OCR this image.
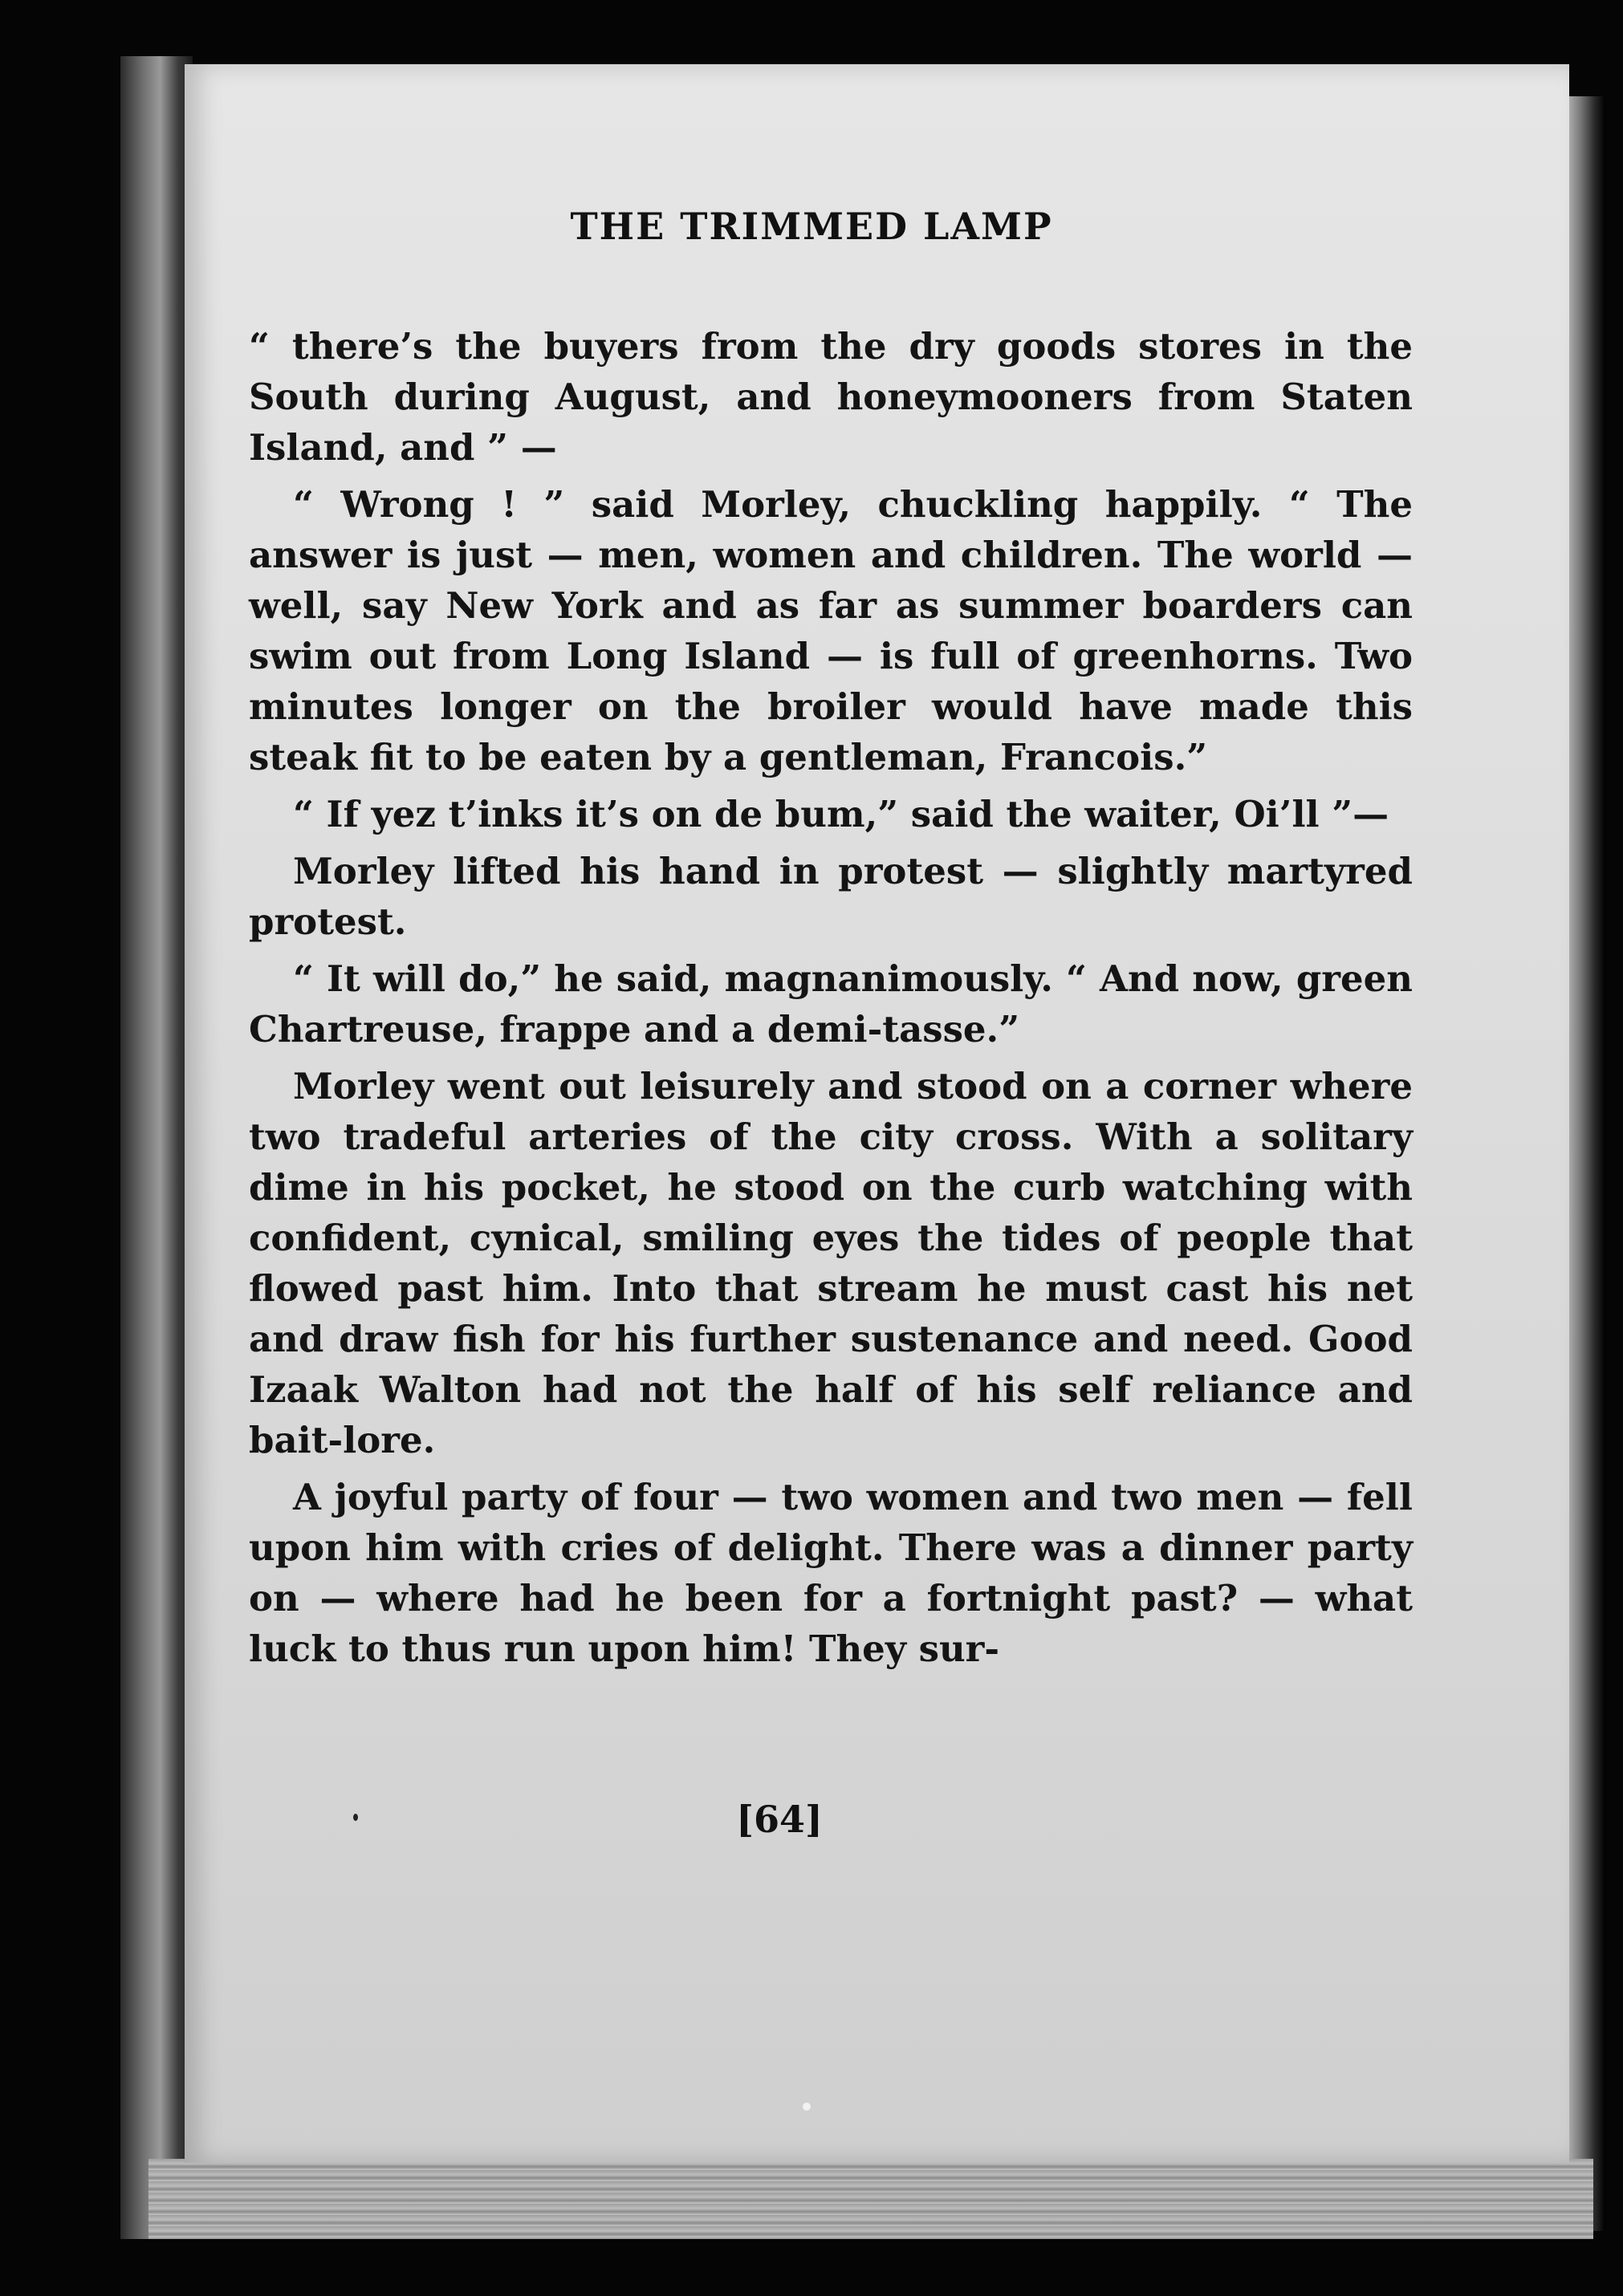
THE TRIMMED LAMP

“ there’s the buyers from the dry goods stores in the South during August, and honeymooners from Staten Island, and ” —

“ Wrong ! ” said Morley, chuckling happily. “ The answer is just — men, women and children. The world — well, say New York and as far as summer boarders can swim out from Long Island — is full of greenhorns. Two minutes longer on the broiler would have made this steak fit to be eaten by a gentleman, Francois.”

“ If yez t’inks it’s on de bum,” said the waiter, Oi’ll ”—

Morley lifted his hand in protest — slightly martyred protest.

“ It will do,” he said, magnanimously. “ And now, green Chartreuse, frappe and a demi-tasse.”

Morley went out leisurely and stood on a corner where two tradeful arteries of the city cross. With a solitary dime in his pocket, he stood on the curb watching with confident, cynical, smiling eyes the tides of people that flowed past him. Into that stream he must cast his net and draw fish for his further sustenance and need. Good Izaak Walton had not the half of his self reliance and bait-lore.

A joyful party of four — two women and two men — fell upon him with cries of delight. There was a dinner party on — where had he been for a fortnight past? — what luck to thus run upon him! They sur-

[64]
